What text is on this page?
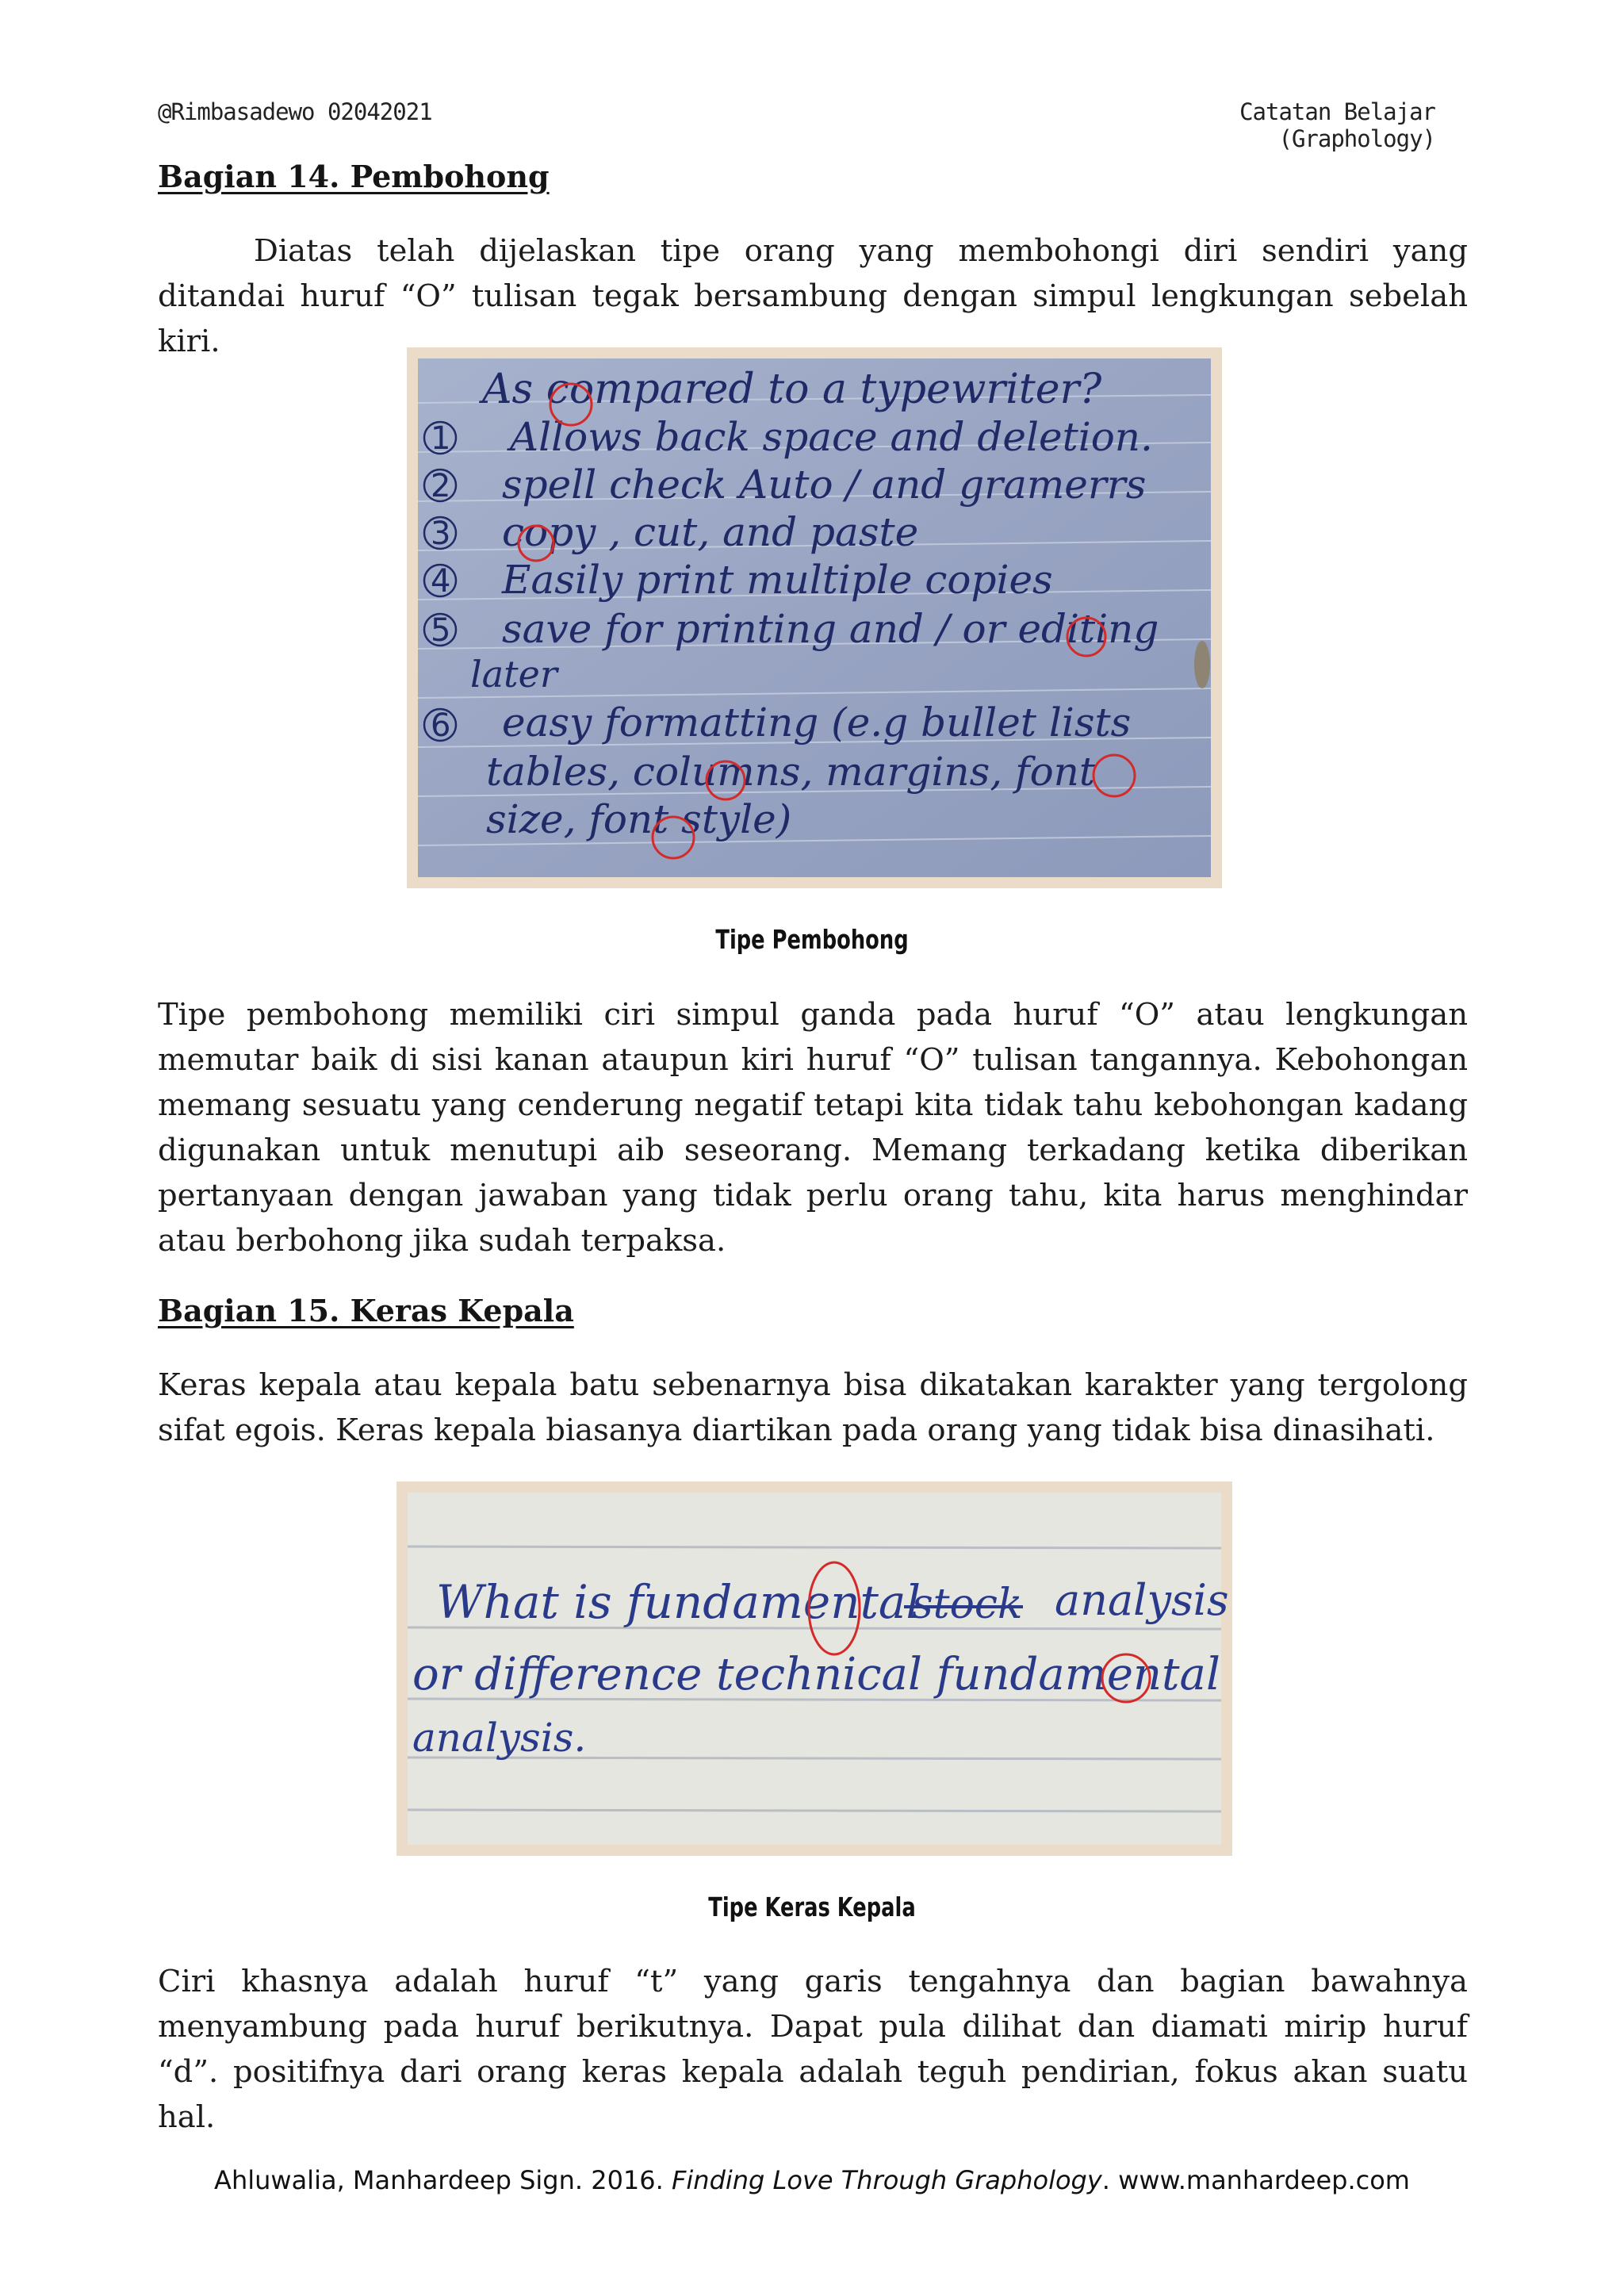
@Rimbasadewo 02042021	Catatan Belajar (Graphology)
Bagian 14. Pembohong

Diatas telah dijelaskan tipe orang yang membohongi diri sendiri yang ditandai huruf “O” tulisan tegak bersambung dengan simpul lengkungan sebelah kiri.

As compared to a typewriter?
Allows back space and deletion.
spell check Auto / and gramerrs
copy , cut, and paste
Easily print multiple copies
save for printing and / or editing
later
easy formatting (e.g bullet lists
tables, columns, margins, font
size, font style)
1
2
3
4
5
6
Tipe Pembohong

Tipe pembohong memiliki ciri simpul ganda pada huruf “O” atau lengkungan memutar baik di sisi kanan ataupun kiri huruf “O” tulisan tangannya. Kebohongan memang sesuatu yang cenderung negatif tetapi kita tidak tahu kebohongan kadang digunakan untuk menutupi aib seseorang. Memang terkadang ketika diberikan pertanyaan dengan jawaban yang tidak perlu orang tahu, kita harus menghindar atau berbohong jika sudah terpaksa.

Bagian 15. Keras Kepala

Keras kepala atau kepala batu sebenarnya bisa dikatakan karakter yang tergolong sifat egois. Keras kepala biasanya diartikan pada orang yang tidak bisa dinasihati.

What is fundamental	analysis
or difference technical fundamental
analysis.
stock
Tipe Keras Kepala

Ciri khasnya adalah huruf “t” yang garis tengahnya dan bagian bawahnya menyambung pada huruf berikutnya. Dapat pula dilihat dan diamati mirip huruf “d”. positifnya dari orang keras kepala adalah teguh pendirian, fokus akan suatu hal.

Ahluwalia, Manhardeep Sign. 2016. Finding Love Through Graphology. www.manhardeep.com
